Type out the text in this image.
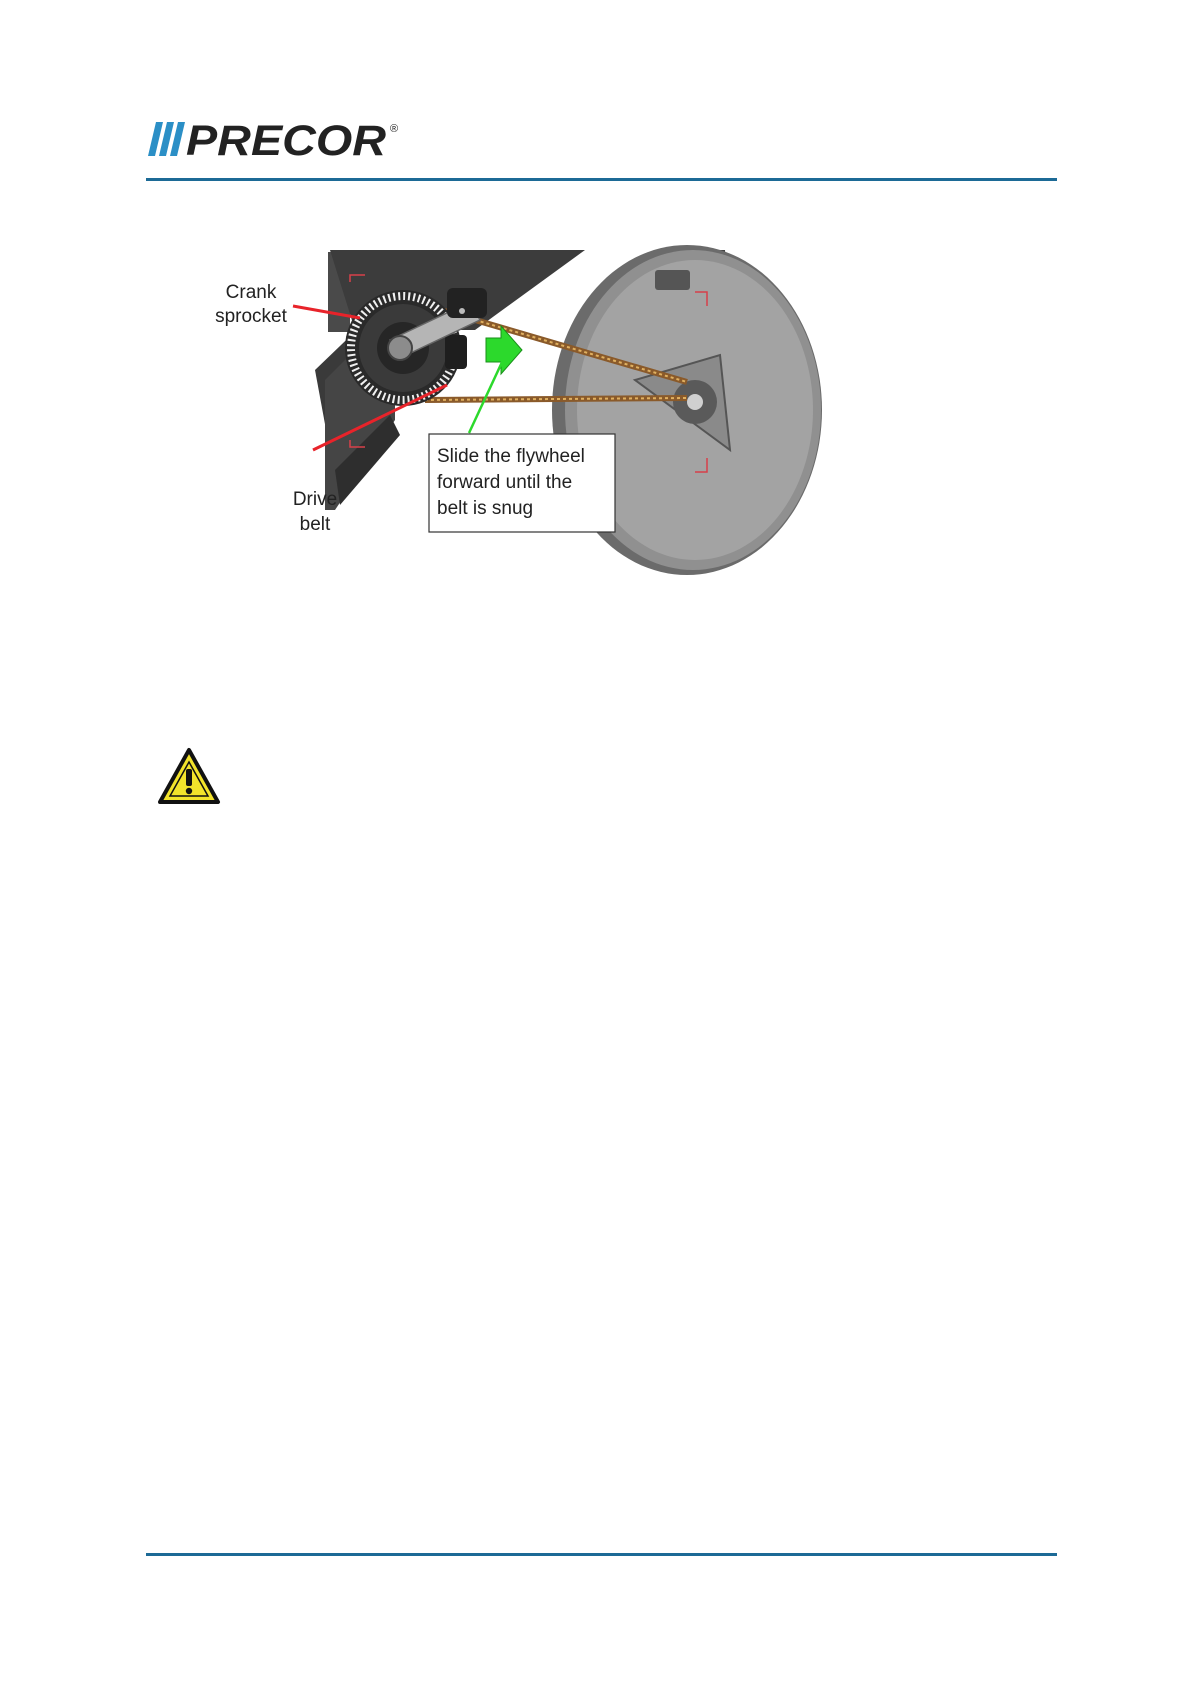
PRECOR ®
Crank
sprocket
Drive
belt
Slide the flywheel
forward until the
belt is snug
